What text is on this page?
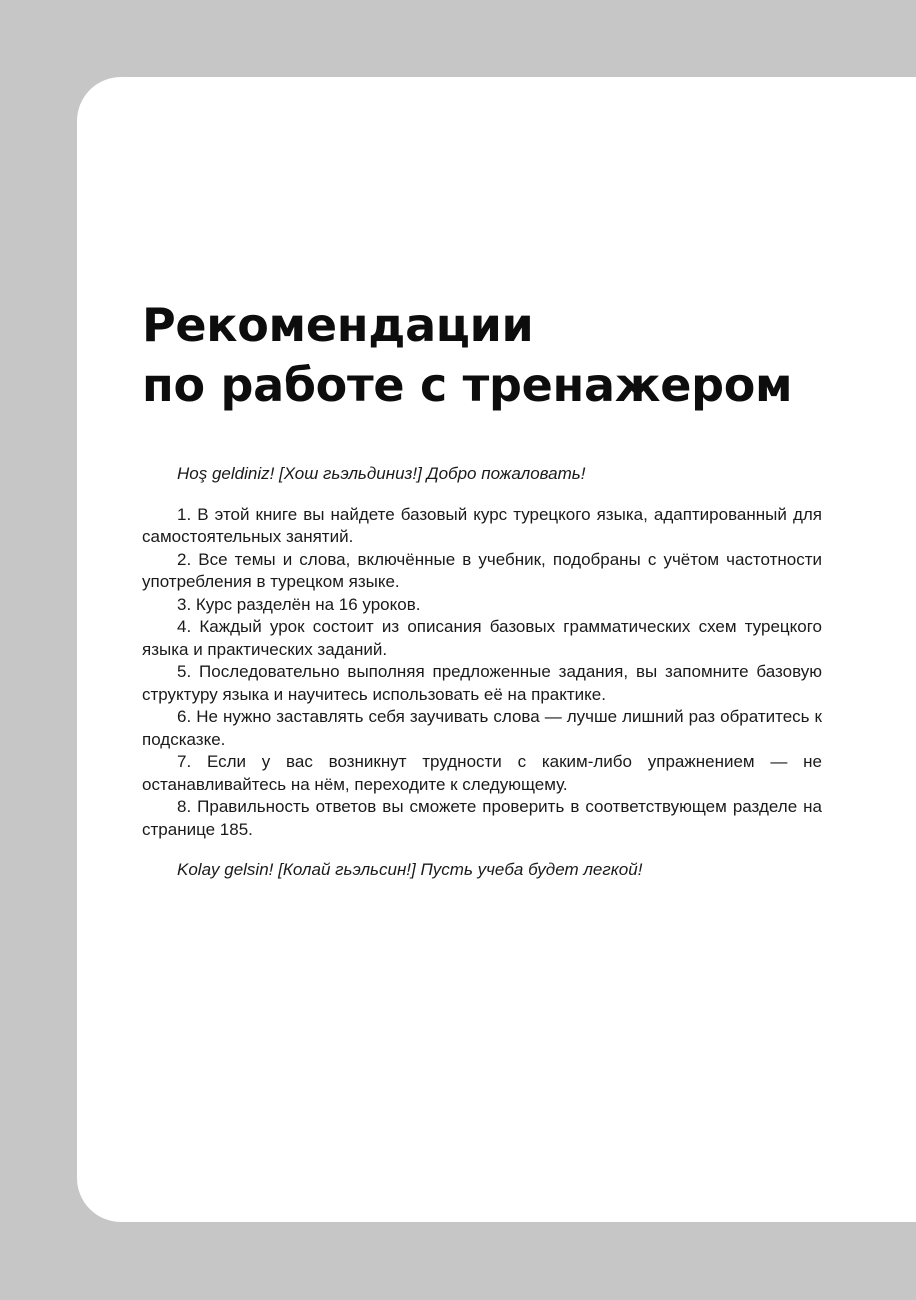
Рекомендации
по работе с тренажером

Hoş geldiniz! [Хош гьэльдиниз!] Добро пожаловать!

1. В этой книге вы найдете базовый курс турецкого языка, адаптированный для самостоятельных занятий.
2. Все темы и слова, включённые в учебник, подобраны с учётом частотности употребления в турецком языке.
3. Курс разделён на 16 уроков.
4. Каждый урок состоит из описания базовых грамматических схем турецкого языка и практических заданий.
5. Последовательно выполняя предложенные задания, вы запомните базовую структуру языка и научитесь использовать её на практике.
6. Не нужно заставлять себя заучивать слова — лучше лишний раз обратитесь к подсказке.
7. Если у вас возникнут трудности с каким-либо упражнением — не останавливайтесь на нём, переходите к следующему.
8. Правильность ответов вы сможете проверить в соответствующем разделе на странице 185.

Kolay gelsin! [Колай гьэльсин!] Пусть учеба будет легкой!
